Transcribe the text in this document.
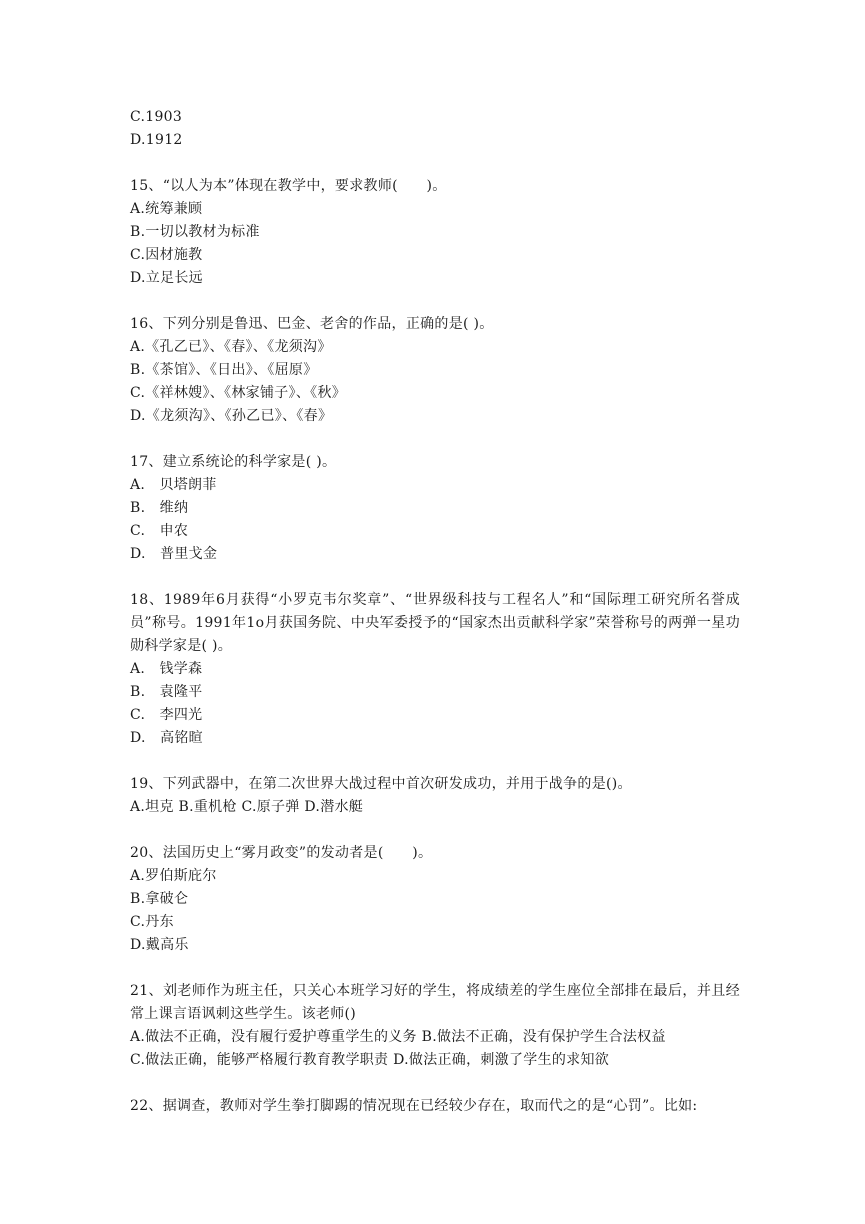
C.1903
D.1912
15、“以人为本”体现在教学中，要求教师(　　)。
A.统筹兼顾
B.一切以教材为标准
C.因材施教
D.立足长远
16、下列分别是鲁迅、巴金、老舍的作品，正确的是( )。
A.《孔乙已》、《春》、《龙须沟》
B.《茶馆》、《日出》、《屈原》
C.《祥林嫂》、《林家铺子》、《秋》
D.《龙须沟》、《孙乙已》、《春》
17、建立系统论的科学家是( )。
A.　贝塔朗菲
B.　维纳
C.　申农
D.　普里戈金
18、1989年6月获得“小罗克韦尔奖章”、“世界级科技与工程名人”和“国际理工研究所名誉成员”称号。1991年1o月获国务院、中央军委授予的“国家杰出贡献科学家”荣誉称号的两弹一星功勋科学家是( )。
A.　钱学森
B.　袁隆平
C.　李四光
D.　高铭暄
19、下列武器中，在第二次世界大战过程中首次研发成功，并用于战争的是()。
A.坦克 B.重机枪 C.原子弹 D.潜水艇
20、法国历史上“雾月政变”的发动者是(　　)。
A.罗伯斯庇尔
B.拿破仑
C.丹东
D.戴高乐
21、刘老师作为班主任，只关心本班学习好的学生，将成绩差的学生座位全部排在最后，并且经常上课言语讽刺这些学生。该老师()
A.做法不正确，没有履行爱护尊重学生的义务 B.做法不正确，没有保护学生合法权益
C.做法正确，能够严格履行教育教学职责 D.做法正确，刺激了学生的求知欲
22、据调查，教师对学生拳打脚踢的情况现在已经较少存在，取而代之的是“心罚”。比如:
